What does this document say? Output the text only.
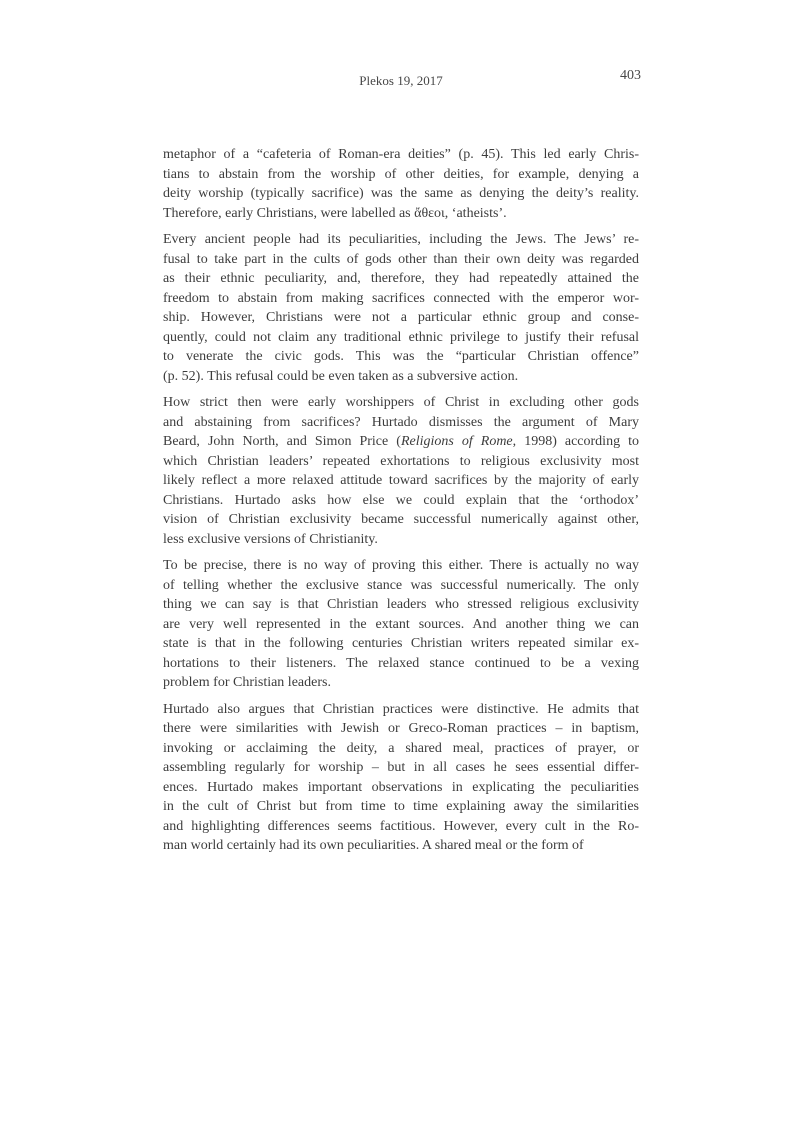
Plekos 19, 2017	403
metaphor of a “cafeteria of Roman-era deities” (p. 45). This led early Chris-
tians to abstain from the worship of other deities, for example, denying a
deity worship (typically sacrifice) was the same as denying the deity’s reality.
Therefore, early Christians, were labelled as ἄθεοι, ‘atheists’.
Every ancient people had its peculiarities, including the Jews. The Jews’ re-
fusal to take part in the cults of gods other than their own deity was regarded
as their ethnic peculiarity, and, therefore, they had repeatedly attained the
freedom to abstain from making sacrifices connected with the emperor wor-
ship. However, Christians were not a particular ethnic group and conse-
quently, could not claim any traditional ethnic privilege to justify their refusal
to venerate the civic gods. This was the “particular Christian offence”
(p. 52). This refusal could be even taken as a subversive action.
How strict then were early worshippers of Christ in excluding other gods
and abstaining from sacrifices? Hurtado dismisses the argument of Mary
Beard, John North, and Simon Price (Religions of Rome, 1998) according to
which Christian leaders’ repeated exhortations to religious exclusivity most
likely reflect a more relaxed attitude toward sacrifices by the majority of early
Christians. Hurtado asks how else we could explain that the ‘orthodox’
vision of Christian exclusivity became successful numerically against other,
less exclusive versions of Christianity.
To be precise, there is no way of proving this either. There is actually no way
of telling whether the exclusive stance was successful numerically. The only
thing we can say is that Christian leaders who stressed religious exclusivity
are very well represented in the extant sources. And another thing we can
state is that in the following centuries Christian writers repeated similar ex-
hortations to their listeners. The relaxed stance continued to be a vexing
problem for Christian leaders.
Hurtado also argues that Christian practices were distinctive. He admits that
there were similarities with Jewish or Greco-Roman practices – in baptism,
invoking or acclaiming the deity, a shared meal, practices of prayer, or
assembling regularly for worship – but in all cases he sees essential differ-
ences. Hurtado makes important observations in explicating the peculiarities
in the cult of Christ but from time to time explaining away the similarities
and highlighting differences seems factitious. However, every cult in the Ro-
man world certainly had its own peculiarities. A shared meal or the form of
